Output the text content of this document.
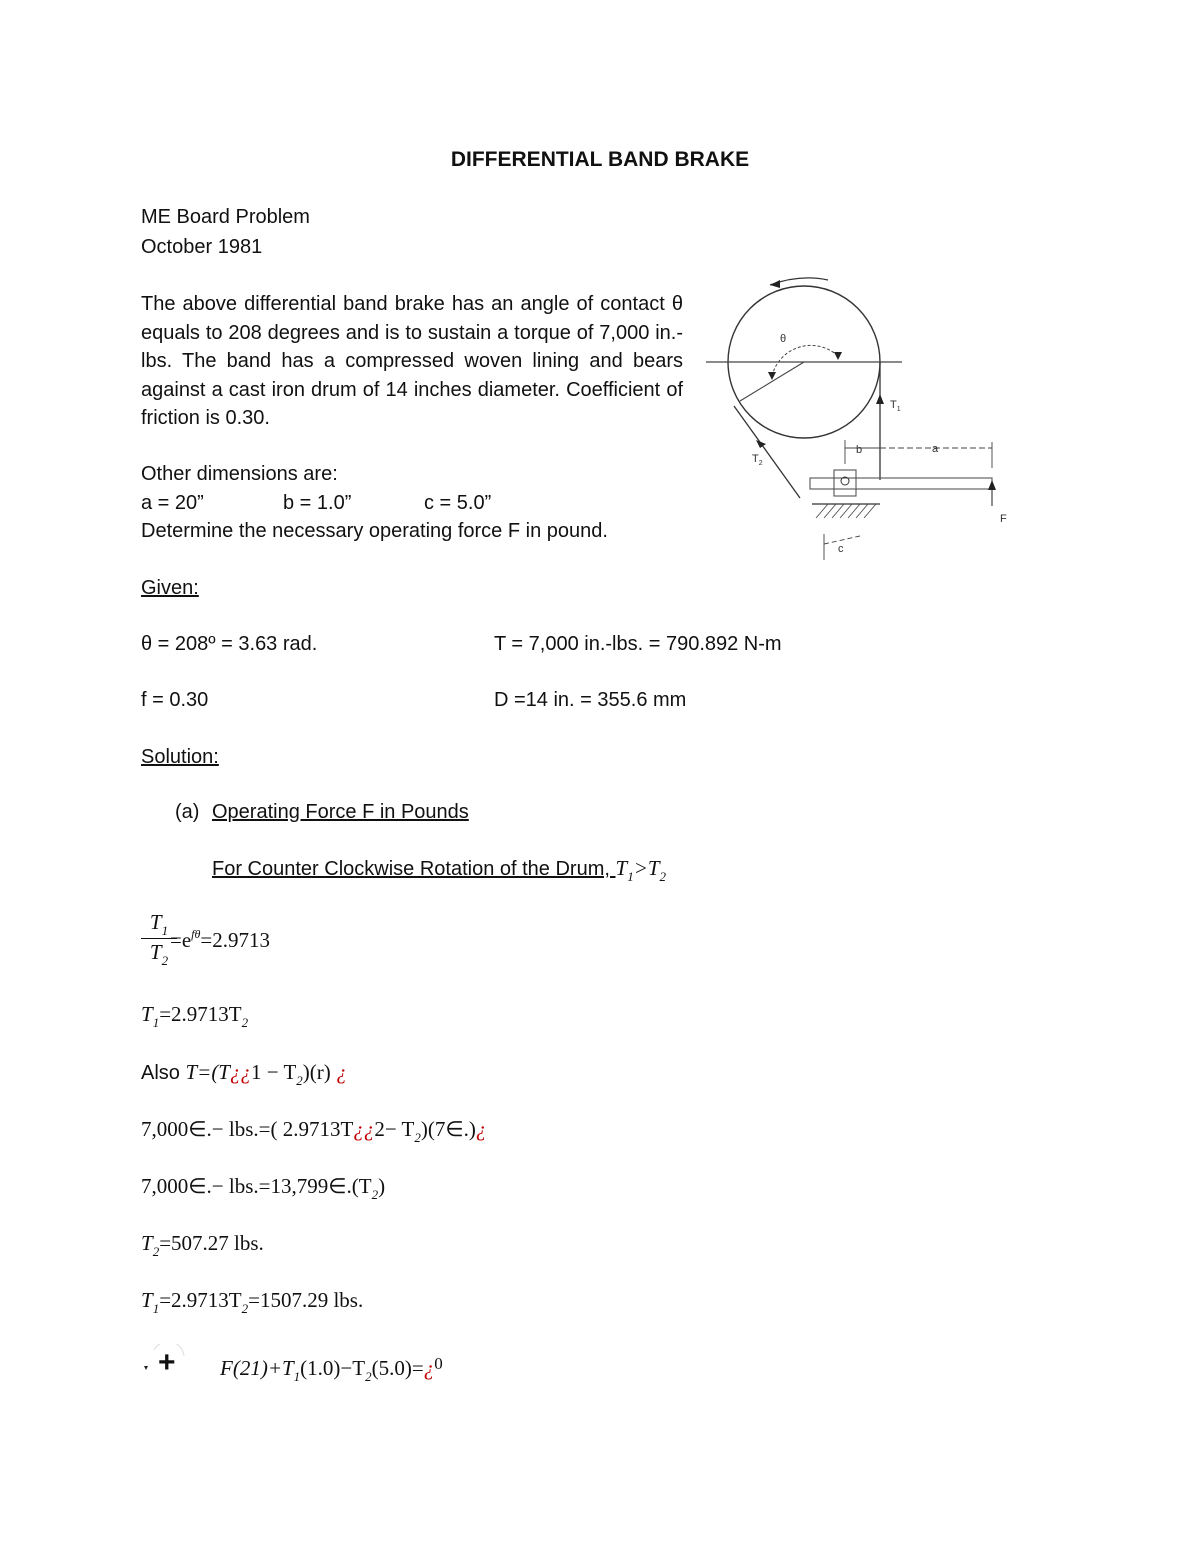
DIFFERENTIAL BAND BRAKE
ME Board Problem
October 1981
The above differential band brake has an angle of contact θ equals to 208 degrees and is to sustain a torque of 7,000 in.-lbs. The band has a compressed woven lining and bears against a cast iron drum of 14 inches diameter. Coefficient of friction is 0.30.
Other dimensions are:
a = 20”	b = 1.0”	c = 5.0”
Determine the necessary operating force F in pound.
θ
$T_1$
$T_2$
b	a
F
c
Given:
θ = 208º = 3.63 rad.	T = 7,000 in.-lbs. = 790.892 N-m
f = 0.30	D =14 in. = 355.6 mm
Solution:
(a) Operating Force F in Pounds
For Counter Clockwise Rotation of the Drum, $T_1>T_2$
$T_1$
$T_2$
$=e^{f\theta}=2.9713$
$T_1=2.9713T_2$
Also T=(T¿¿1 − $T_2)(r)$ ¿
7,000∈.− lbs.=( 2.9713T¿¿2− $T_2)(7\in.)¿$
7,000∈.− $lbs.=13,799\in.(T_2)$
$T_2=507.27$ lbs.
$T_1=2.9713T_2=1507.29$ lbs.
+ $F(21)+T_1(1.0)-T_2(5.0)=¿^0$
